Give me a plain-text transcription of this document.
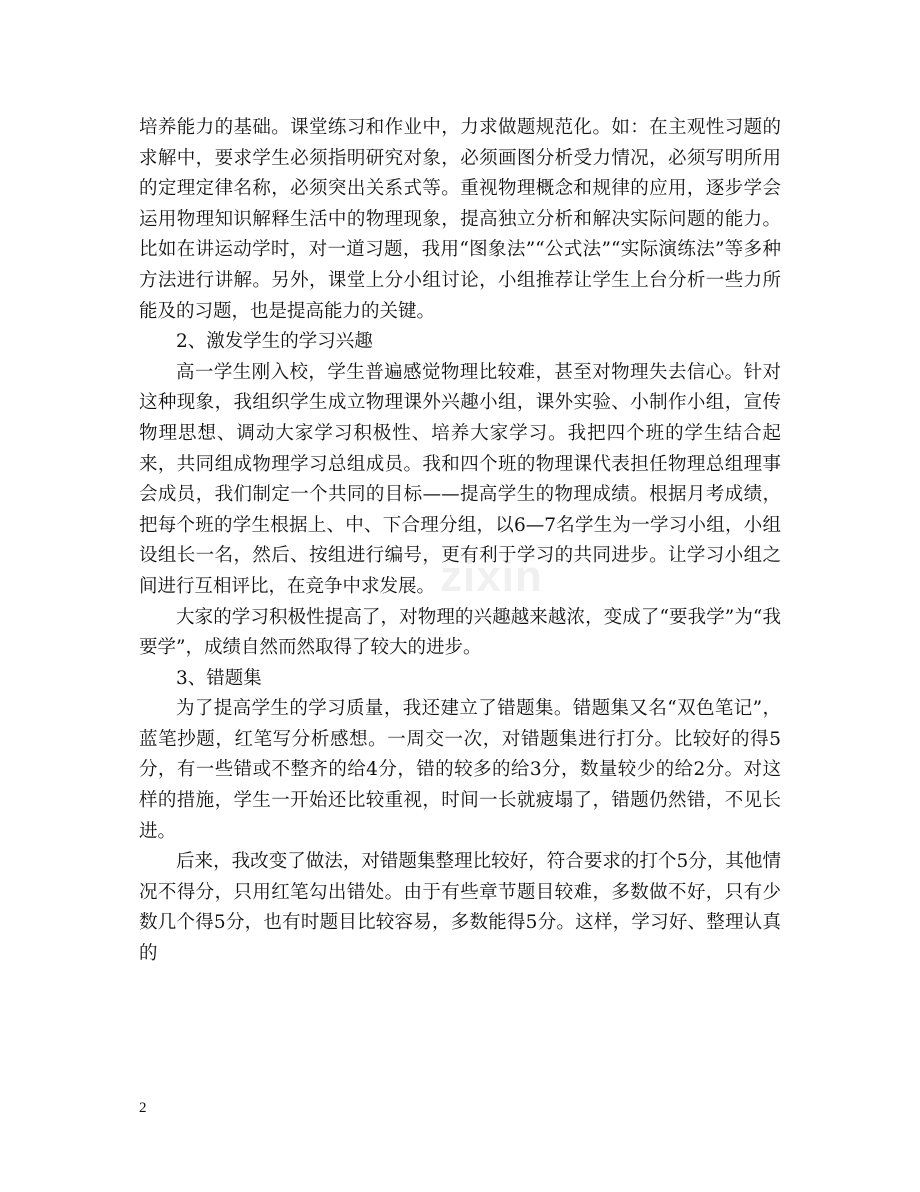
zixin

培养能力的基础。课堂练习和作业中，力求做题规范化。如：在主观性习题的求解中，要求学生必须指明研究对象，必须画图分析受力情况，必须写明所用的定理定律名称，必须突出关系式等。重视物理概念和规律的应用，逐步学会运用物理知识解释生活中的物理现象，提高独立分析和解决实际问题的能力。比如在讲运动学时，对一道习题，我用“图象法”“公式法”“实际演练法”等多种方法进行讲解。另外，课堂上分小组讨论，小组推荐让学生上台分析一些力所能及的习题，也是提高能力的关键。

2、激发学生的学习兴趣

高一学生刚入校，学生普遍感觉物理比较难，甚至对物理失去信心。针对这种现象，我组织学生成立物理课外兴趣小组，课外实验、小制作小组，宣传物理思想、调动大家学习积极性、培养大家学习。我把四个班的学生结合起来，共同组成物理学习总组成员。我和四个班的物理课代表担任物理总组理事会成员，我们制定一个共同的目标——提高学生的物理成绩。根据月考成绩，把每个班的学生根据上、中、下合理分组，以6—7名学生为一学习小组，小组设组长一名，然后、按组进行编号，更有利于学习的共同进步。让学习小组之间进行互相评比，在竞争中求发展。

大家的学习积极性提高了，对物理的兴趣越来越浓，变成了“要我学”为“我要学”，成绩自然而然取得了较大的进步。

3、错题集

为了提高学生的学习质量，我还建立了错题集。错题集又名“双色笔记”，蓝笔抄题，红笔写分析感想。一周交一次，对错题集进行打分。比较好的得5分，有一些错或不整齐的给4分，错的较多的给3分，数量较少的给2分。对这样的措施，学生一开始还比较重视，时间一长就疲塌了，错题仍然错，不见长进。

后来，我改变了做法，对错题集整理比较好，符合要求的打个5分，其他情况不得分，只用红笔勾出错处。由于有些章节题目较难，多数做不好，只有少数几个得5分，也有时题目比较容易，多数能得5分。这样，学习好、整理认真的

2
